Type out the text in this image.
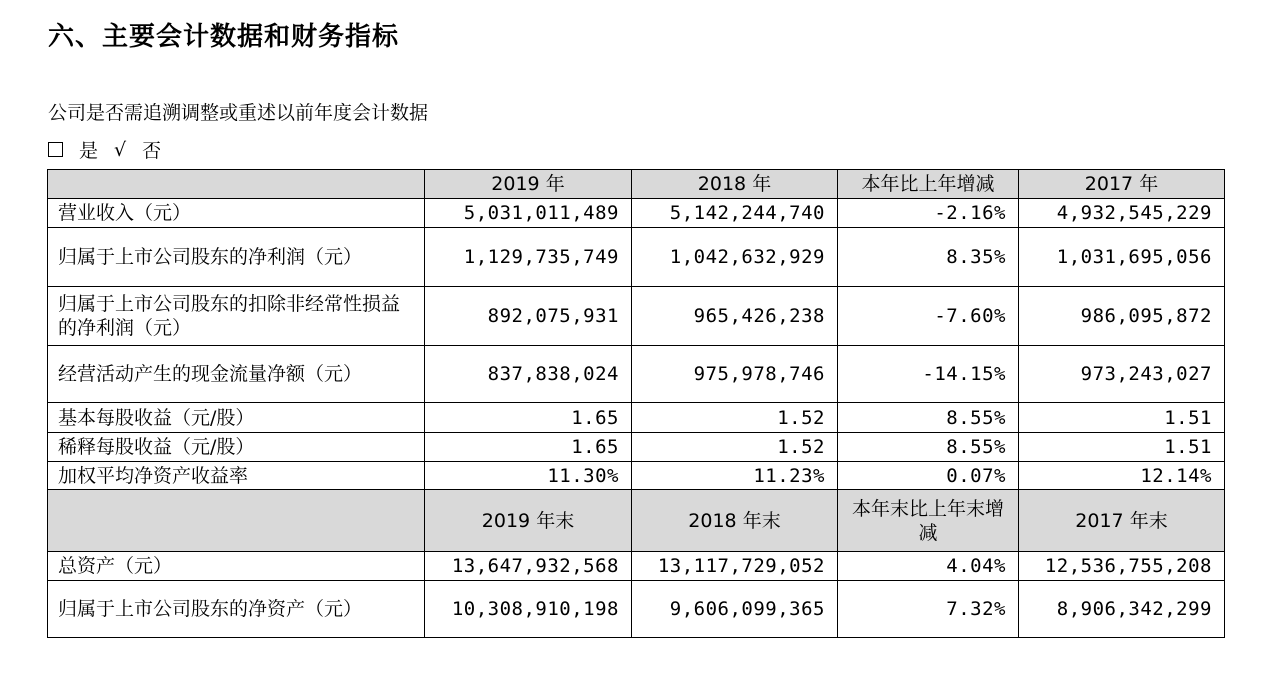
六、主要会计数据和财务指标
公司是否需追溯调整或重述以前年度会计数据
是 √ 否
	2019 年	2018 年	本年比上年增减	2017 年
营业收入（元）	5,031,011,489	5,142,244,740	-2.16%	4,932,545,229
归属于上市公司股东的净利润（元）	1,129,735,749	1,042,632,929	8.35%	1,031,695,056
归属于上市公司股东的扣除非经常性损益的净利润（元）	892,075,931	965,426,238	-7.60%	986,095,872
经营活动产生的现金流量净额（元）	837,838,024	975,978,746	-14.15%	973,243,027
基本每股收益（元/股）	1.65	1.52	8.55%	1.51
稀释每股收益（元/股）	1.65	1.52	8.55%	1.51
加权平均净资产收益率	11.30%	11.23%	0.07%	12.14%
	2019 年末	2018 年末	本年末比上年末增减	2017 年末
总资产（元）	13,647,932,568	13,117,729,052	4.04%	12,536,755,208
归属于上市公司股东的净资产（元）	10,308,910,198	9,606,099,365	7.32%	8,906,342,299
